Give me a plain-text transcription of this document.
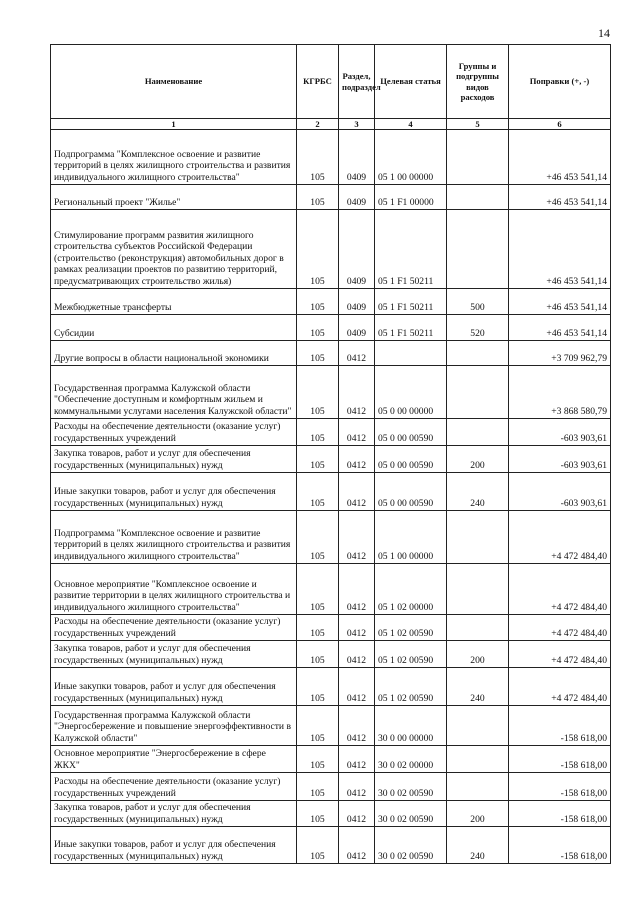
14
Наименование	КГРБС	Раздел, подраздел	Целевая статья	Группы и подгруппы видов расходов	Поправки (+, -)
1	2	3	4	5	6
Подпрограмма "Комплексное освоение и развитие территорий в целях жилищного строительства и развития индивидуального жилищного строительства"	105	0409	05 1 00 00000		+46 453 541,14
Региональный проект "Жилье"	105	0409	05 1 F1 00000		+46 453 541,14
Стимулирование программ развития жилищного строительства субъектов Российской Федерации (строительство (реконструкция) автомобильных дорог в рамках реализации проектов по развитию территорий, предусматривающих строительство жилья)	105	0409	05 1 F1 50211		+46 453 541,14
Межбюджетные трансферты	105	0409	05 1 F1 50211	500	+46 453 541,14
Субсидии	105	0409	05 1 F1 50211	520	+46 453 541,14
Другие вопросы в области национальной экономики	105	0412			+3 709 962,79
Государственная программа Калужской области "Обеспечение доступным и комфортным жильем и коммунальными услугами населения Калужской области"	105	0412	05 0 00 00000		+3 868 580,79
Расходы на обеспечение деятельности (оказание услуг) государственных учреждений	105	0412	05 0 00 00590		-603 903,61
Закупка товаров, работ и услуг для обеспечения государственных (муниципальных) нужд	105	0412	05 0 00 00590	200	-603 903,61
Иные закупки товаров, работ и услуг для обеспечения государственных (муниципальных) нужд	105	0412	05 0 00 00590	240	-603 903,61
Подпрограмма "Комплексное освоение и развитие территорий в целях жилищного строительства и развития индивидуального жилищного строительства"	105	0412	05 1 00 00000		+4 472 484,40
Основное мероприятие "Комплексное освоение и развитие территории в целях жилищного строительства и индивидуального жилищного строительства"	105	0412	05 1 02 00000		+4 472 484,40
Расходы на обеспечение деятельности (оказание услуг) государственных учреждений	105	0412	05 1 02 00590		+4 472 484,40
Закупка товаров, работ и услуг для обеспечения государственных (муниципальных) нужд	105	0412	05 1 02 00590	200	+4 472 484,40
Иные закупки товаров, работ и услуг для обеспечения государственных (муниципальных) нужд	105	0412	05 1 02 00590	240	+4 472 484,40
Государственная программа Калужской области "Энергосбережение и повышение энергоэффективности в Калужской области"	105	0412	30 0 00 00000		-158 618,00
Основное мероприятие "Энергосбережение в сфере ЖКХ"	105	0412	30 0 02 00000		-158 618,00
Расходы на обеспечение деятельности (оказание услуг) государственных учреждений	105	0412	30 0 02 00590		-158 618,00
Закупка товаров, работ и услуг для обеспечения государственных (муниципальных) нужд	105	0412	30 0 02 00590	200	-158 618,00
Иные закупки товаров, работ и услуг для обеспечения государственных (муниципальных) нужд	105	0412	30 0 02 00590	240	-158 618,00
